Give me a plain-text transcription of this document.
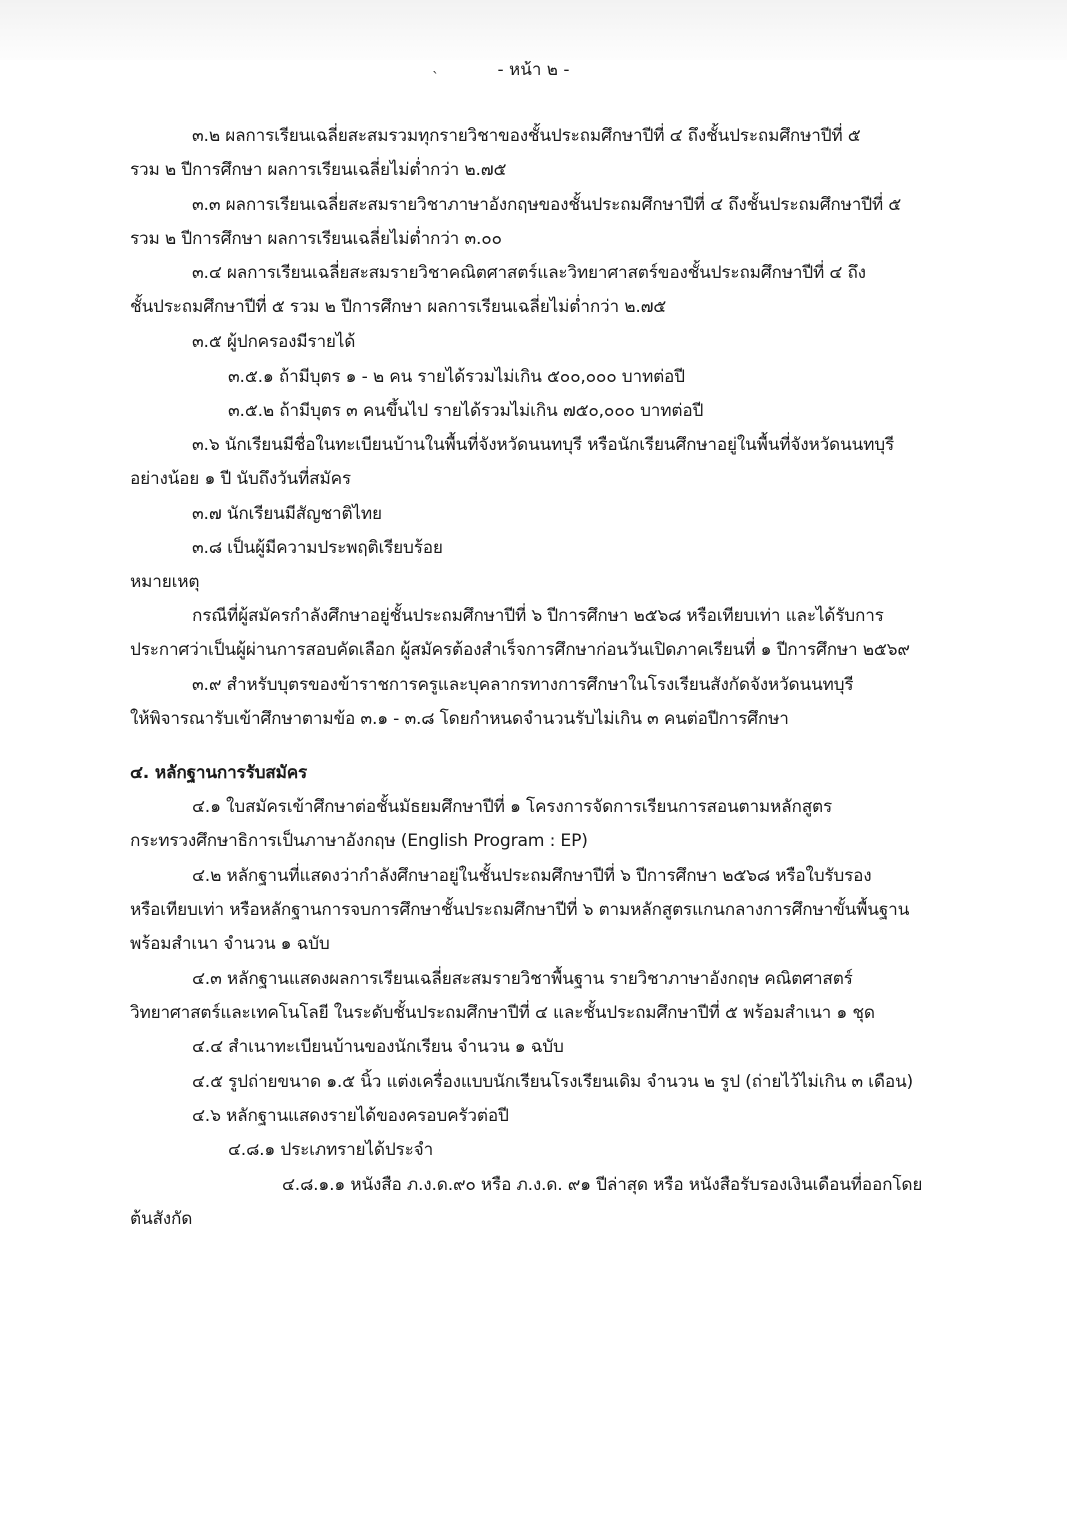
ˎ	- หน้า ๒ -
๓.๒ ผลการเรียนเฉลี่ยสะสมรวมทุกรายวิชาของชั้นประถมศึกษาปีที่ ๔ ถึงชั้นประถมศึกษาปีที่ ๕
รวม ๒ ปีการศึกษา ผลการเรียนเฉลี่ยไม่ต่ำกว่า ๒.๗๕
๓.๓ ผลการเรียนเฉลี่ยสะสมรายวิชาภาษาอังกฤษของชั้นประถมศึกษาปีที่ ๔ ถึงชั้นประถมศึกษาปีที่ ๕
รวม ๒ ปีการศึกษา ผลการเรียนเฉลี่ยไม่ต่ำกว่า ๓.๐๐
๓.๔ ผลการเรียนเฉลี่ยสะสมรายวิชาคณิตศาสตร์และวิทยาศาสตร์ของชั้นประถมศึกษาปีที่ ๔ ถึง
ชั้นประถมศึกษาปีที่ ๕ รวม ๒ ปีการศึกษา ผลการเรียนเฉลี่ยไม่ต่ำกว่า ๒.๗๕
๓.๕ ผู้ปกครองมีรายได้
๓.๕.๑ ถ้ามีบุตร ๑ - ๒ คน รายได้รวมไม่เกิน ๕๐๐,๐๐๐ บาทต่อปี
๓.๕.๒ ถ้ามีบุตร ๓ คนขึ้นไป รายได้รวมไม่เกิน ๗๕๐,๐๐๐ บาทต่อปี
๓.๖ นักเรียนมีชื่อในทะเบียนบ้านในพื้นที่จังหวัดนนทบุรี หรือนักเรียนศึกษาอยู่ในพื้นที่จังหวัดนนทบุรี
อย่างน้อย ๑ ปี นับถึงวันที่สมัคร
๓.๗ นักเรียนมีสัญชาติไทย
๓.๘ เป็นผู้มีความประพฤติเรียบร้อย
หมายเหตุ
กรณีที่ผู้สมัครกำลังศึกษาอยู่ชั้นประถมศึกษาปีที่ ๖ ปีการศึกษา ๒๕๖๘ หรือเทียบเท่า และได้รับการ
ประกาศว่าเป็นผู้ผ่านการสอบคัดเลือก ผู้สมัครต้องสำเร็จการศึกษาก่อนวันเปิดภาคเรียนที่ ๑ ปีการศึกษา ๒๕๖๙
๓.๙ สำหรับบุตรของข้าราชการครูและบุคลากรทางการศึกษาในโรงเรียนสังกัดจังหวัดนนทบุรี
ให้พิจารณารับเข้าศึกษาตามข้อ ๓.๑ - ๓.๘ โดยกำหนดจำนวนรับไม่เกิน ๓ คนต่อปีการศึกษา
๔. หลักฐานการรับสมัคร
๔.๑ ใบสมัครเข้าศึกษาต่อชั้นมัธยมศึกษาปีที่ ๑ โครงการจัดการเรียนการสอนตามหลักสูตร
กระทรวงศึกษาธิการเป็นภาษาอังกฤษ (English Program : EP)
๔.๒ หลักฐานที่แสดงว่ากำลังศึกษาอยู่ในชั้นประถมศึกษาปีที่ ๖ ปีการศึกษา ๒๕๖๘ หรือใบรับรอง
หรือเทียบเท่า หรือหลักฐานการจบการศึกษาชั้นประถมศึกษาปีที่ ๖ ตามหลักสูตรแกนกลางการศึกษาขั้นพื้นฐาน
พร้อมสำเนา จำนวน ๑ ฉบับ
๔.๓ หลักฐานแสดงผลการเรียนเฉลี่ยสะสมรายวิชาพื้นฐาน รายวิชาภาษาอังกฤษ คณิตศาสตร์
วิทยาศาสตร์และเทคโนโลยี ในระดับชั้นประถมศึกษาปีที่ ๔ และชั้นประถมศึกษาปีที่ ๕ พร้อมสำเนา ๑ ชุด
๔.๔ สำเนาทะเบียนบ้านของนักเรียน จำนวน ๑ ฉบับ
๔.๕ รูปถ่ายขนาด ๑.๕ นิ้ว แต่งเครื่องแบบนักเรียนโรงเรียนเดิม จำนวน ๒ รูป (ถ่ายไว้ไม่เกิน ๓ เดือน)
๔.๖ หลักฐานแสดงรายได้ของครอบครัวต่อปี
๔.๘.๑ ประเภทรายได้ประจำ
๔.๘.๑.๑ หนังสือ ภ.ง.ด.๙๐ หรือ ภ.ง.ด. ๙๑ ปีล่าสุด หรือ หนังสือรับรองเงินเดือนที่ออกโดย
ต้นสังกัด
